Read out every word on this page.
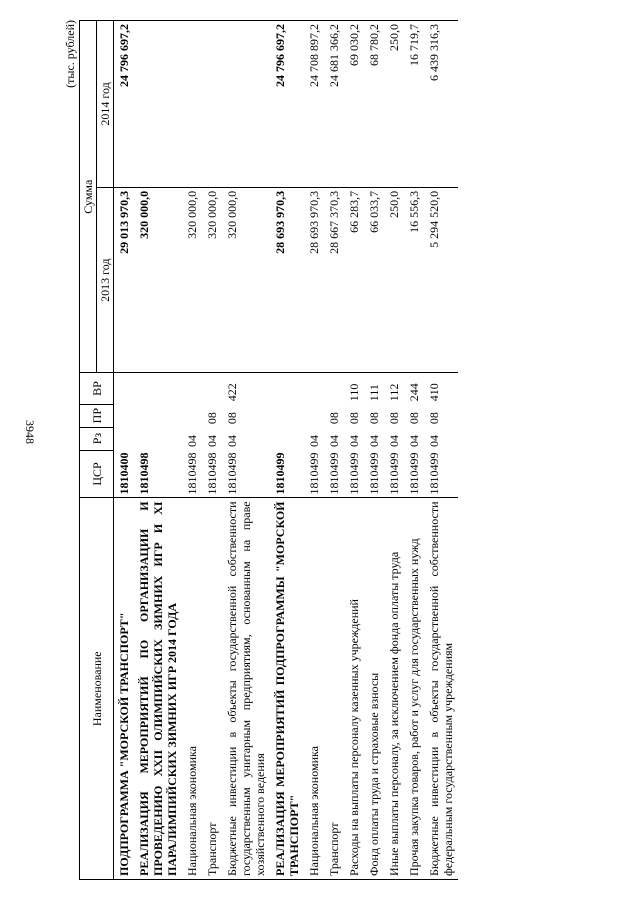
3948
(тыс. рублей)
Наименование	ЦСР	Рз	ПР	ВР	Сумма	
					2013 год	2014 год
ПОДПРОГРАММА "МОРСКОЙ ТРАНСПОРТ"	1810400				29 013 970,3	24 796 697,2
РЕАЛИЗАЦИЯ МЕРОПРИЯТИЙ ПО ОРГАНИЗАЦИИ И ПРОВЕДЕНИЮ XXII ОЛИМПИЙСКИХ ЗИМНИХ ИГР И XI ПАРАЛИМПИЙСКИХ ЗИМНИХ ИГР 2014 ГОДА	1810498				320 000,0	
Национальная экономика	1810498	04			320 000,0	
Транспорт	1810498	04	08		320 000,0	
Бюджетные инвестиции в объекты государственной собственности государственным унитарным предприятиям, основанным на праве хозяйственного ведения	1810498	04	08	422	320 000,0	
РЕАЛИЗАЦИЯ МЕРОПРИЯТИЙ ПОДПРОГРАММЫ "МОРСКОЙ ТРАНСПОРТ"	1810499				28 693 970,3	24 796 697,2
Национальная экономика	1810499	04			28 693 970,3	24 708 897,2
Транспорт	1810499	04	08		28 667 370,3	24 681 366,2
Расходы на выплаты персоналу казенных учреждений	1810499	04	08	110	66 283,7	69 030,2
Фонд оплаты труда и страховые взносы	1810499	04	08	111	66 033,7	68 780,2
Иные выплаты персоналу, за исключением фонда оплаты труда	1810499	04	08	112	250,0	250,0
Прочая закупка товаров, работ и услуг для государственных нужд	1810499	04	08	244	16 556,3	16 719,7
Бюджетные инвестиции в объекты государственной собственности федеральным государственным учреждениям	1810499	04	08	410	5 294 520,0	6 439 316,3
